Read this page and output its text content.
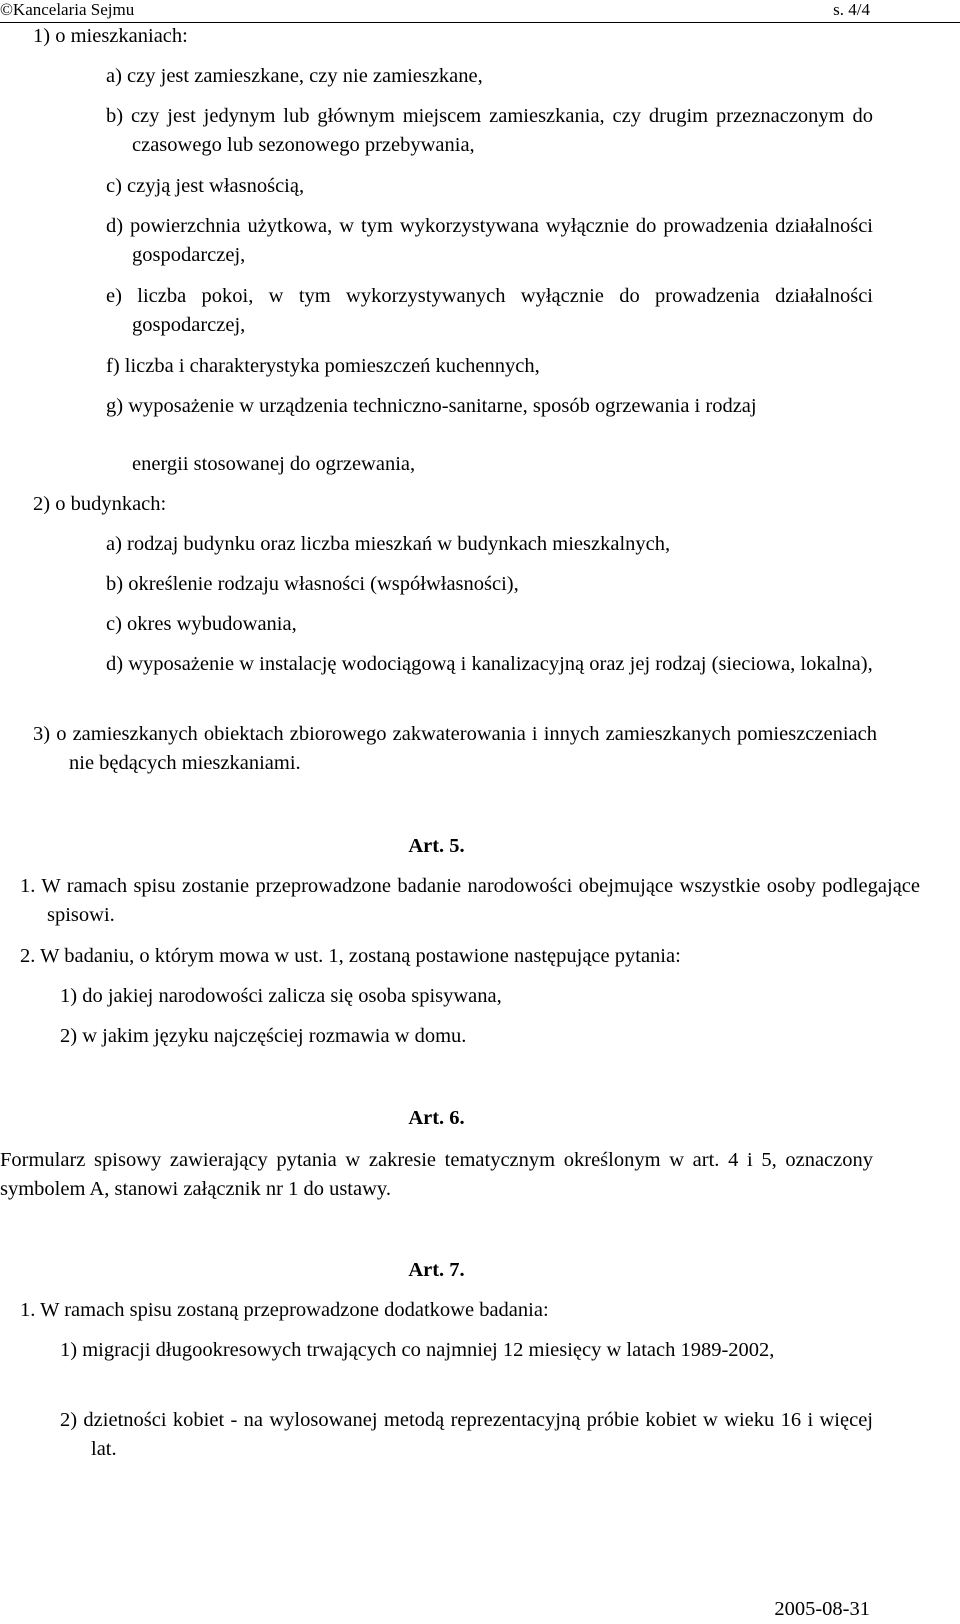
©Kancelaria Sejmu	s. 4/4

1) o mieszkaniach:

a) czy jest zamieszkane, czy nie zamieszkane,

b) czy jest jedynym lub głównym miejscem zamieszkania, czy drugim przeznaczonym do czasowego lub sezonowego przebywania,

c) czyją jest własnością,

d) powierzchnia użytkowa, w tym wykorzystywana wyłącznie do prowadzenia działalności gospodarczej,

e) liczba pokoi, w tym wykorzystywanych wyłącznie do prowadzenia działalności gospodarczej,

f) liczba i charakterystyka pomieszczeń kuchennych,

g) wyposażenie w urządzenia techniczno-sanitarne, sposób ogrzewania i rodzaj

energii stosowanej do ogrzewania,

2) o budynkach:

a) rodzaj budynku oraz liczba mieszkań w budynkach mieszkalnych,

b) określenie rodzaju własności (współwłasności),

c) okres wybudowania,

d) wyposażenie w instalację wodociągową i kanalizacyjną oraz jej rodzaj (sieciowa, lokalna),

3) o zamieszkanych obiektach zbiorowego zakwaterowania i innych zamieszkanych pomieszczeniach nie będących mieszkaniami.

Art. 5.

1. W ramach spisu zostanie przeprowadzone badanie narodowości obejmujące wszystkie osoby podlegające spisowi.

2. W badaniu, o którym mowa w ust. 1, zostaną postawione następujące pytania:

1) do jakiej narodowości zalicza się osoba spisywana,

2) w jakim języku najczęściej rozmawia w domu.

Art. 6.

Formularz spisowy zawierający pytania w zakresie tematycznym określonym w art. 4 i 5, oznaczony symbolem A, stanowi załącznik nr 1 do ustawy.

Art. 7.

1. W ramach spisu zostaną przeprowadzone dodatkowe badania:

1) migracji długookresowych trwających co najmniej 12 miesięcy w latach 1989-2002,

2) dzietności kobiet - na wylosowanej metodą reprezentacyjną próbie kobiet w wieku 16 i więcej lat.

2005-08-31
